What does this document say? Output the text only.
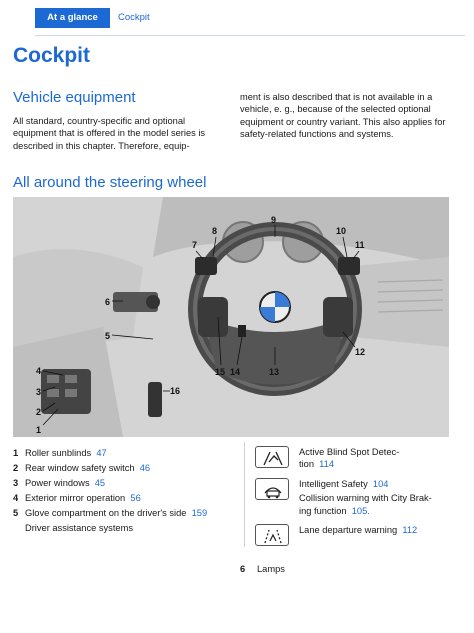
At a glance	Cockpit
Cockpit
Vehicle equipment
All standard, country-specific and optional equipment that is offered in the model series is described in this chapter. Therefore, equip-
ment is also described that is not available in a vehicle, e. g., because of the selected optional equipment or country variant. This also applies for safety-related functions and systems.
All around the steering wheel
1
2
3
4
5
6
7
8
9
10
11
12
13
14
15
16
1 Roller sunblinds 47
2 Rear window safety switch 46
3 Power windows 45
4 Exterior mirror operation 56
5 Glove compartment on the driver's side 159
Driver assistance systems
Active Blind Spot Detec-
tion 114
Intelligent Safety 104
Collision warning with City Brak-
ing function 105.
Lane departure warning 112
6 Lamps
